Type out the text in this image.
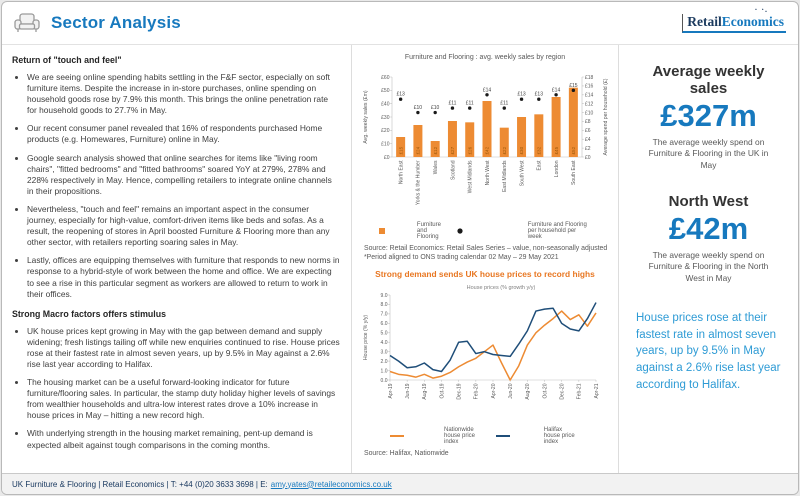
Sector Analysis	RetailEconomics · ·.
Return of "touch and feel"
• We are seeing online spending habits settling in the F&F sector, especially on soft furniture items. Despite the increase in in-store purchases, online spending on household goods rose by 7.9% this month. This brings the online penetration rate for household goods to 27.7% in May.
• Our recent consumer panel revealed that 16% of respondents purchased Home products (e.g. Homewares, Furniture) online in May.
• Google search analysis showed that online searches for items like "living room chairs", "fitted bedrooms" and "fitted bathrooms" soared YoY at 279%, 278% and 228% respectively in May. Hence, compelling retailers to integrate online channels in their propositions.
• Nevertheless, "touch and feel" remains an important aspect in the consumer journey, especially for high-value, comfort-driven items like beds and sofas. As a result, the reopening of stores in April boosted Furniture & Flooring more than any other sector, with retailers reporting soaring sales in May.
• Lastly, offices are equipping themselves with furniture that responds to new norms in response to a hybrid-style of work between the home and office. We are expecting to see a rise in this particular segment as workers are allowed to return to work in their offices.
Strong Macro factors offers stimulus
• UK house prices kept growing in May with the gap between demand and supply widening; fresh listings tailing off while new enquiries continued to rise. House prices rose at their fastest rate in almost seven years, up by 9.5% in May against a 2.6% rise last year according to Halifax.
• The housing market can be a useful forward-looking indicator for future furniture/flooring sales. In particular, the stamp duty holiday higher levels of savings from wealthier households and ultra-low interest rates drove a 10% increase in house prices in May – hitting a new record high.
• With underlying strength in the housing market remaining, pent-up demand is expected albeit against tough comparisons in the coming months.
Furniture and Flooring : avg. weekly sales by region
£0
£10
£20
£30
£40
£50
£60
£0
£2
£4
£6
£8
£10
£12
£14
£16
£18
£15
£13
North East
£24
£10
Yorks & the Humber
£12
£10
Wales
£27
£11
Scotland
£26
£11
West Midlands
£42
£14
North West
£22
£11
East Midlands
£30
£13
South West
£32
£13
East
£45
£14
London
£52
£15
South East
Avg. weekly sales (£m)	Average spend per household (£)
Furniture and Flooring
Furniture and Flooring per household per week
Source: Retail Economics: Retail Sales Series – value, non-seasonally adjusted
*Period aligned to ONS trading calendar 02 May – 29 May 2021
Strong demand sends UK house prices to record highs
House prices (% growth y/y)
0.0
1.0
2.0
3.0
4.0
5.0
6.0
7.0
8.0
9.0
Apr-19 Jun-19 Aug-19 Oct-19 Dec-19 Feb-20 Apr-20 Jun-20 Aug-20 Oct-20 Dec-20 Feb-21 Apr-21
House price (% y/y)
Nationwide house price index
Halifax house price index
Source: Halifax, Nationwide
Average weekly sales
£327m
The average weekly spend on Furniture & Flooring in the UK in May
North West
£42m
The average weekly spend on Furniture & Flooring in the North West in May
House prices rose at their fastest rate in almost seven years, up by 9.5% in May against a 2.6% rise last year according to Halifax.
UK Furniture & Flooring | Retail Economics | T: +44 (0)20 3633 3698 | E: amy.yates@retaileconomics.co.uk
